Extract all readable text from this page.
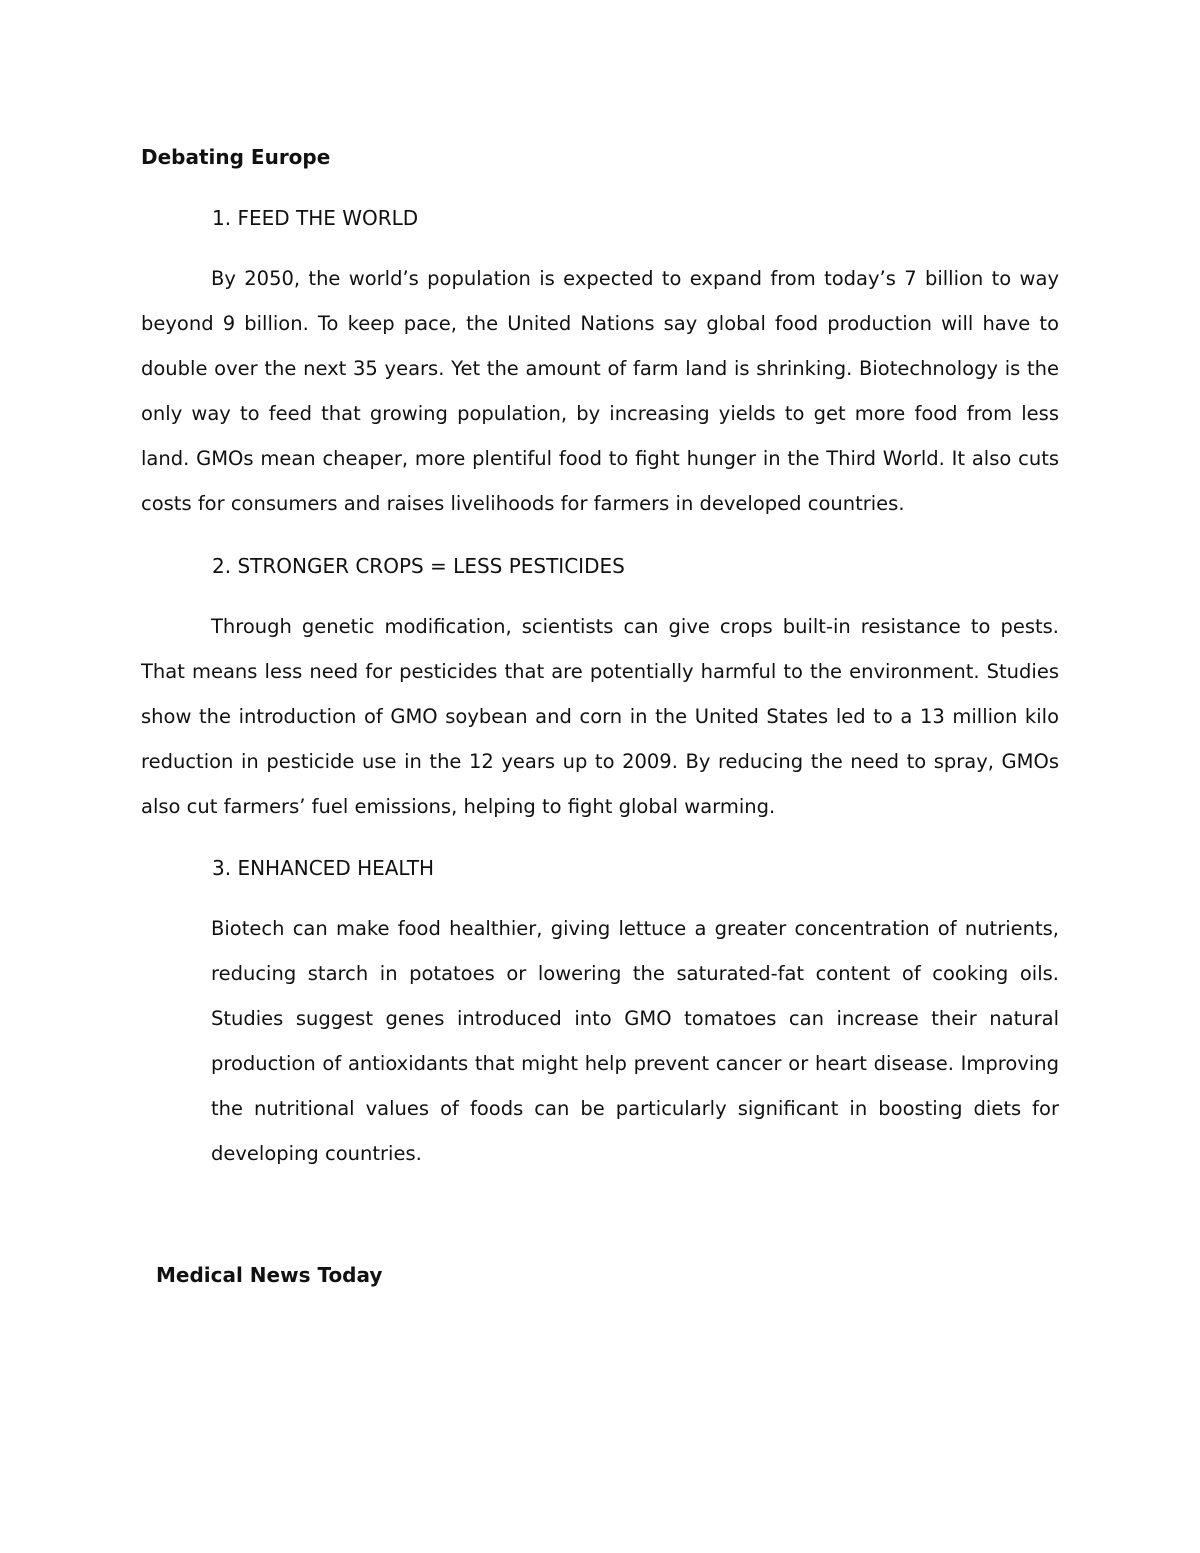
Debating Europe
1. FEED THE WORLD

By 2050, the world’s population is expected to expand from today’s 7 billion to way beyond 9 billion. To keep pace, the United Nations say global food production will have to double over the next 35 years. Yet the amount of farm land is shrinking. Biotechnology is the only way to feed that growing population, by increasing yields to get more food from less land. GMOs mean cheaper, more plentiful food to fight hunger in the Third World. It also cuts costs for consumers and raises livelihoods for farmers in developed countries.

2. STRONGER CROPS = LESS PESTICIDES

Through genetic modification, scientists can give crops built-in resistance to pests. That means less need for pesticides that are potentially harmful to the environment. Studies show the introduction of GMO soybean and corn in the United States led to a 13 million kilo reduction in pesticide use in the 12 years up to 2009. By reducing the need to spray, GMOs also cut farmers’ fuel emissions, helping to fight global warming.

3. ENHANCED HEALTH

Biotech can make food healthier, giving lettuce a greater concentration of nutrients, reducing starch in potatoes or lowering the saturated-fat content of cooking oils. Studies suggest genes introduced into GMO tomatoes can increase their natural production of antioxidants that might help prevent cancer or heart disease. Improving the nutritional values of foods can be particularly significant in boosting diets for developing countries.

Medical News Today
